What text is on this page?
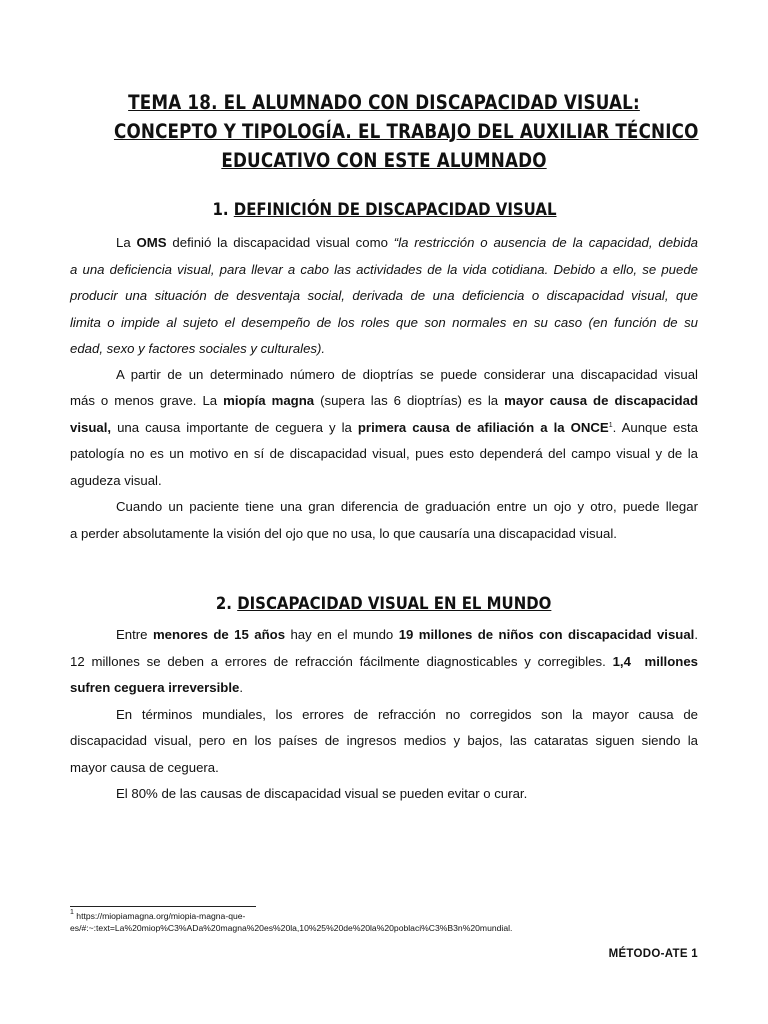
TEMA 18. EL ALUMNADO CON DISCAPACIDAD VISUAL:
CONCEPTO Y TIPOLOGÍA. EL TRABAJO DEL AUXILIAR TÉCNICO
EDUCATIVO CON ESTE ALUMNADO
1. DEFINICIÓN DE DISCAPACIDAD VISUAL
La OMS definió la discapacidad visual como “la restricción o ausencia de la capacidad, debida
a una deficiencia visual, para llevar a cabo las actividades de la vida cotidiana. Debido a ello, se puede
producir una situación de desventaja social, derivada de una deficiencia o discapacidad visual, que
limita o impide al sujeto el desempeño de los roles que son normales en su caso (en función de su
edad, sexo y factores sociales y culturales).
A partir de un determinado número de dioptrías se puede considerar una discapacidad visual
más o menos grave. La miopía magna (supera las 6 dioptrías) es la mayor causa de discapacidad
visual, una causa importante de ceguera y la primera causa de afiliación a la ONCE$^1$. Aunque esta
patología no es un motivo en sí de discapacidad visual, pues esto dependerá del campo visual y de la
agudeza visual.
Cuando un paciente tiene una gran diferencia de graduación entre un ojo y otro, puede llegar
a perder absolutamente la visión del ojo que no usa, lo que causaría una discapacidad visual.
2. DISCAPACIDAD VISUAL EN EL MUNDO
Entre menores de 15 años hay en el mundo 19 millones de niños con discapacidad visual.
12 millones se deben a errores de refracción fácilmente diagnosticables y corregibles. 1,4  millones
sufren ceguera irreversible.
En términos mundiales, los errores de refracción no corregidos son la mayor causa de
discapacidad visual, pero en los países de ingresos medios y bajos, las cataratas siguen siendo la
mayor causa de ceguera.
El 80% de las causas de discapacidad visual se pueden evitar o curar.
$^1$ https://miopiamagna.org/miopia-magna-que-
es/#:~:text=La%20miop%C3%ADa%20magna%20es%20la,10%25%20de%20la%20poblaci%C3%B3n%20mundial.
MÉTODO-ATE 1
